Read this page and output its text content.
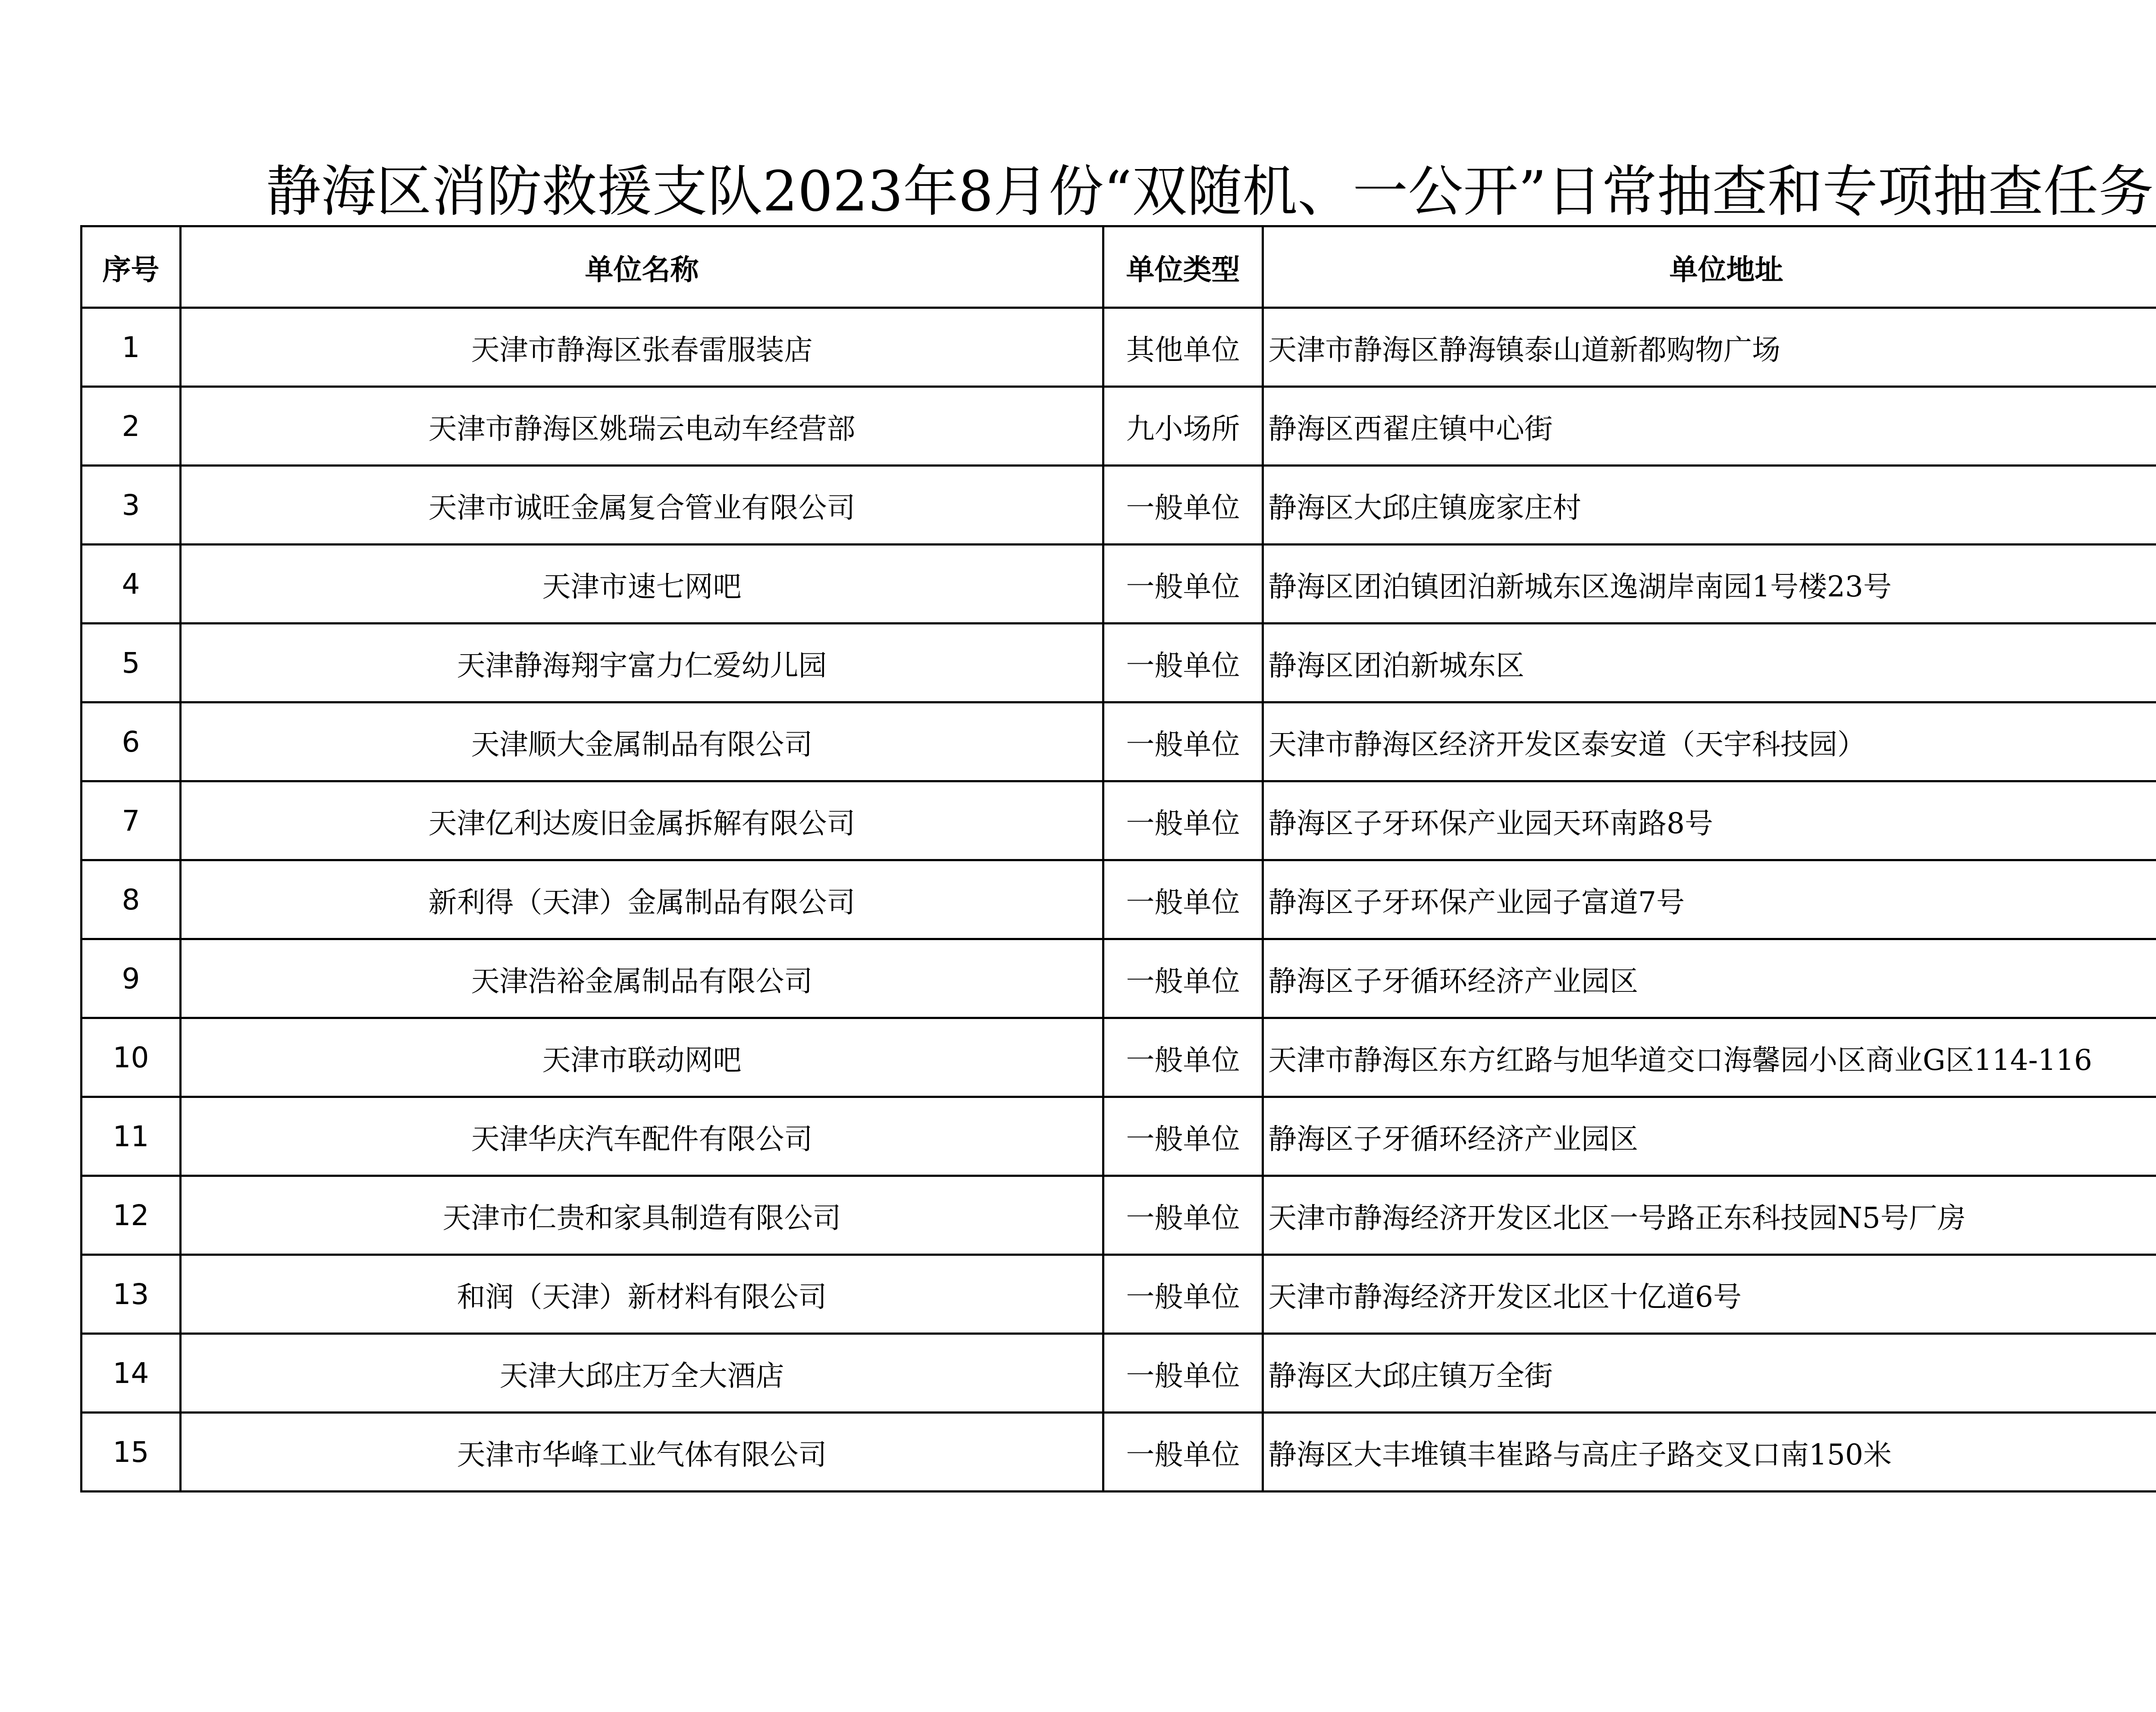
静海区消防救援支队2023年8月份“双随机、一公开”日常抽查和专项抽查任务
序号	单位名称	单位类型	单位地址	
1	天津市静海区张春雷服装店	其他单位	天津市静海区静海镇泰山道新都购物广场	
2	天津市静海区姚瑞云电动车经营部	九小场所	静海区西翟庄镇中心街	
3	天津市诚旺金属复合管业有限公司	一般单位	静海区大邱庄镇庞家庄村	
4	天津市速七网吧	一般单位	静海区团泊镇团泊新城东区逸湖岸南园1号楼23号	
5	天津静海翔宇富力仁爱幼儿园	一般单位	静海区团泊新城东区	
6	天津顺大金属制品有限公司	一般单位	天津市静海区经济开发区泰安道（天宇科技园）	
7	天津亿利达废旧金属拆解有限公司	一般单位	静海区子牙环保产业园天环南路8号	
8	新利得（天津）金属制品有限公司	一般单位	静海区子牙环保产业园子富道7号	
9	天津浩裕金属制品有限公司	一般单位	静海区子牙循环经济产业园区	
10	天津市联动网吧	一般单位	天津市静海区东方红路与旭华道交口海馨园小区商业G区114-116	
11	天津华庆汽车配件有限公司	一般单位	静海区子牙循环经济产业园区	
12	天津市仁贵和家具制造有限公司	一般单位	天津市静海经济开发区北区一号路正东科技园N5号厂房	
13	和润（天津）新材料有限公司	一般单位	天津市静海经济开发区北区十亿道6号	
14	天津大邱庄万全大酒店	一般单位	静海区大邱庄镇万全街	
15	天津市华峰工业气体有限公司	一般单位	静海区大丰堆镇丰崔路与高庄子路交叉口南150米	
